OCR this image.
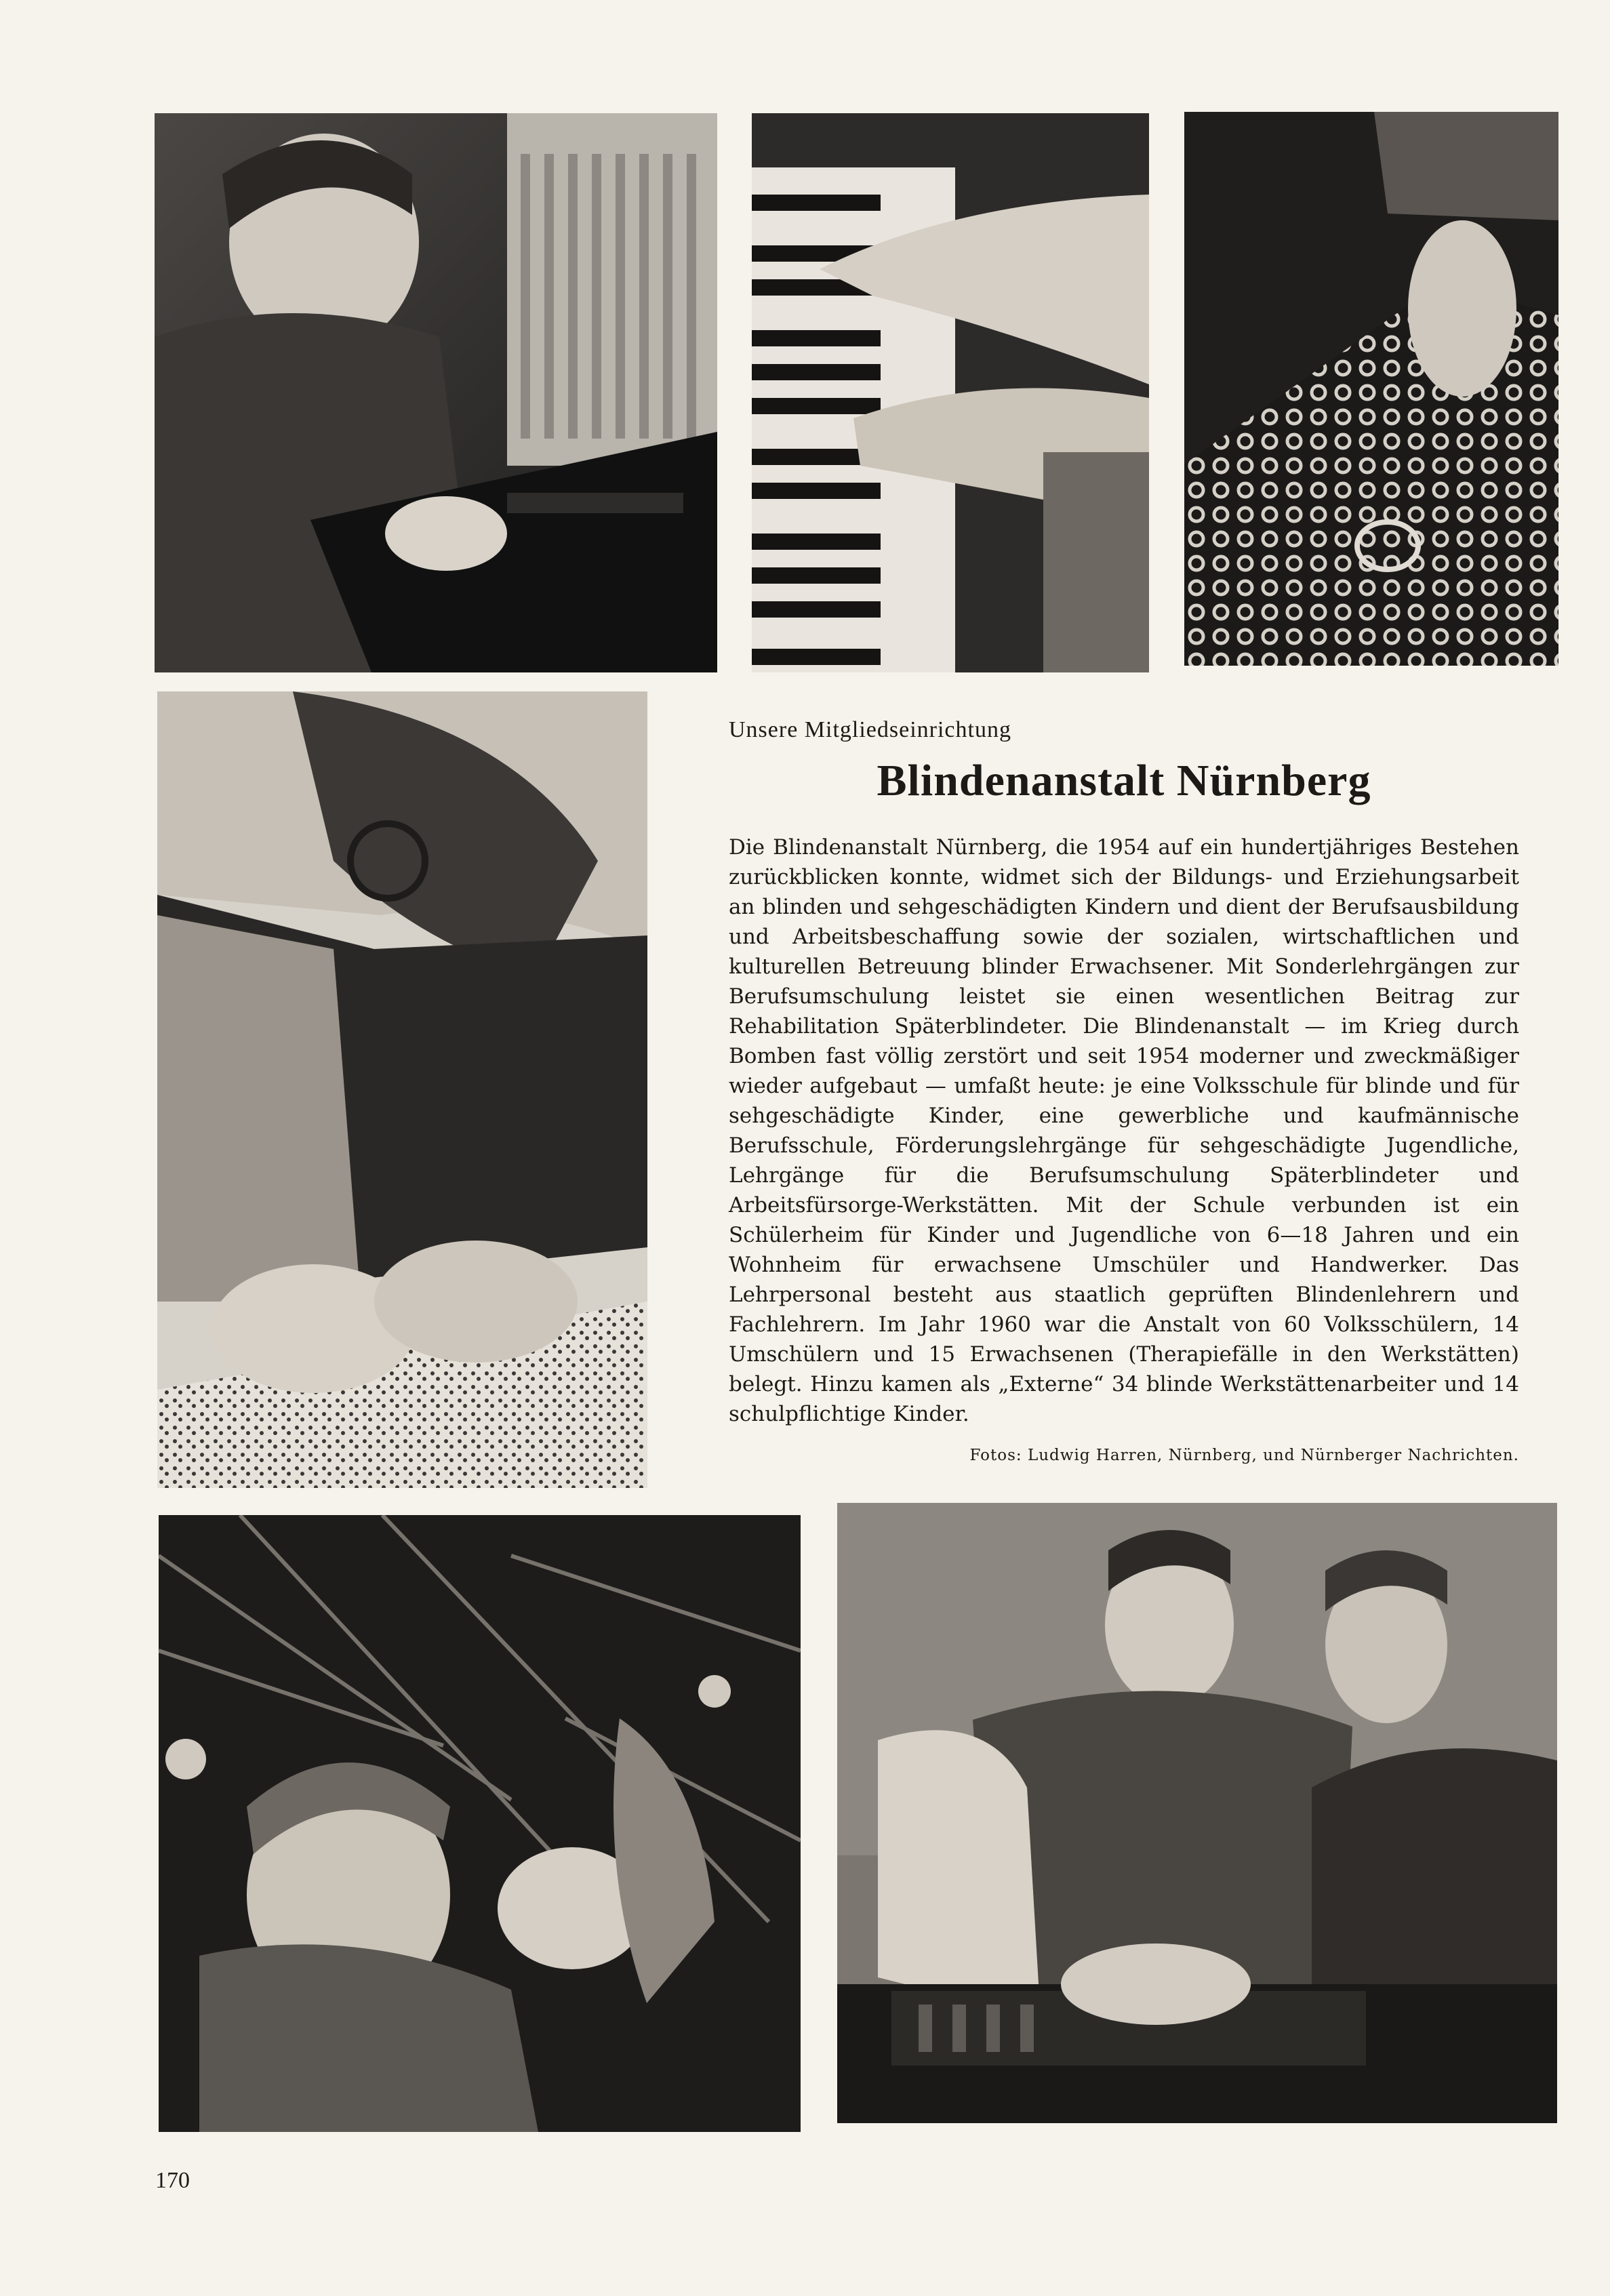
Unsere Mitgliedseinrichtung

Blindenanstalt Nürnberg

Die Blindenanstalt Nürnberg, die 1954 auf ein hundertjähriges Bestehen zurückblicken konnte, widmet sich der Bildungs- und Erziehungsarbeit an blinden und sehgeschädigten Kindern und dient der Berufsausbildung und Arbeitsbeschaffung sowie der sozialen, wirtschaftlichen und kulturellen Betreuung blinder Erwachsener. Mit Sonderlehrgängen zur Berufsumschulung leistet sie einen wesentlichen Beitrag zur Rehabilitation Späterblindeter. Die Blindenanstalt — im Krieg durch Bomben fast völlig zerstört und seit 1954 moderner und zweckmäßiger wieder aufgebaut — umfaßt heute: je eine Volksschule für blinde und für sehgeschädigte Kinder, eine gewerbliche und kaufmännische Berufsschule, Förderungslehrgänge für sehgeschädigte Jugendliche, Lehrgänge für die Berufsumschulung Späterblindeter und Arbeitsfürsorge-Werkstätten. Mit der Schule verbunden ist ein Schülerheim für Kinder und Jugendliche von 6—18 Jahren und ein Wohnheim für erwachsene Umschüler und Handwerker. Das Lehrpersonal besteht aus staatlich geprüften Blindenlehrern und Fachlehrern. Im Jahr 1960 war die Anstalt von 60 Volksschülern, 14 Umschülern und 15 Erwachsenen (Therapiefälle in den Werkstätten) belegt. Hinzu kamen als „Externe“ 34 blinde Werkstättenarbeiter und 14 schulpflichtige Kinder.

Fotos: Ludwig Harren, Nürnberg, und Nürnberger Nachrichten.

170
